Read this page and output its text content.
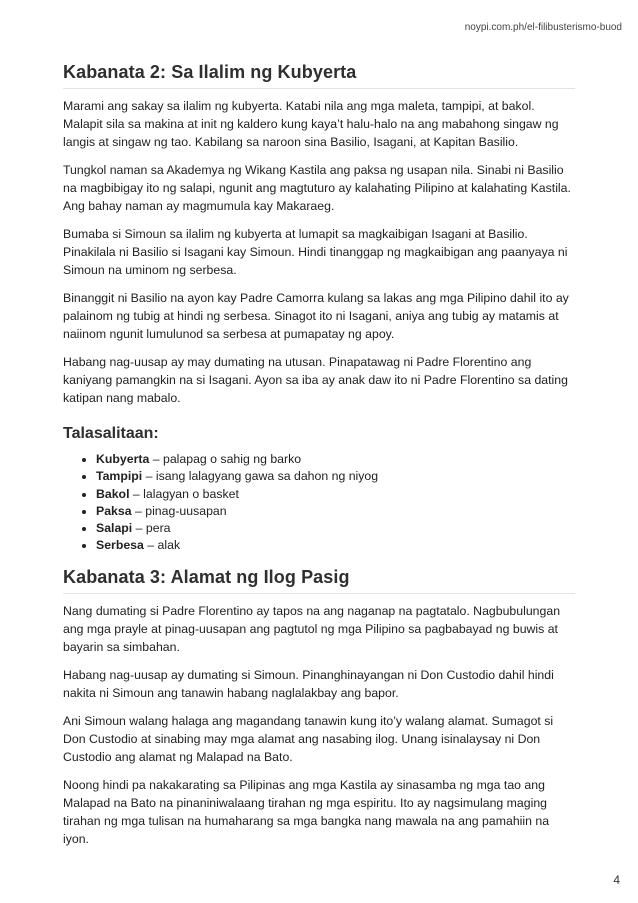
noypi.com.ph/el-filibusterismo-buod
Kabanata 2: Sa Ilalim ng Kubyerta

Marami ang sakay sa ilalim ng kubyerta. Katabi nila ang mga maleta, tampipi, at bakol. Malapit sila sa makina at init ng kaldero kung kaya’t halu-halo na ang mabahong singaw ng langis at singaw ng tao. Kabilang sa naroon sina Basilio, Isagani, at Kapitan Basilio.

Tungkol naman sa Akademya ng Wikang Kastila ang paksa ng usapan nila. Sinabi ni Basilio na magbibigay ito ng salapi, ngunit ang magtuturo ay kalahating Pilipino at kalahating Kastila. Ang bahay naman ay magmumula kay Makaraeg.

Bumaba si Simoun sa ilalim ng kubyerta at lumapit sa magkaibigan Isagani at Basilio. Pinakilala ni Basilio si Isagani kay Simoun. Hindi tinanggap ng magkaibigan ang paanyaya ni Simoun na uminom ng serbesa.

Binanggit ni Basilio na ayon kay Padre Camorra kulang sa lakas ang mga Pilipino dahil ito ay palainom ng tubig at hindi ng serbesa. Sinagot ito ni Isagani, aniya ang tubig ay matamis at naiinom ngunit lumulunod sa serbesa at pumapatay ng apoy.

Habang nag-uusap ay may dumating na utusan. Pinapatawag ni Padre Florentino ang kaniyang pamangkin na si Isagani. Ayon sa iba ay anak daw ito ni Padre Florentino sa dating katipan nang mabalo.

Talasalitaan:
• Kubyerta – palapag o sahig ng barko
• Tampipi – isang lalagyang gawa sa dahon ng niyog
• Bakol – lalagyan o basket
• Paksa – pinag-uusapan
• Salapi – pera
• Serbesa – alak
Kabanata 3: Alamat ng Ilog Pasig

Nang dumating si Padre Florentino ay tapos na ang naganap na pagtatalo. Nagbubulungan ang mga prayle at pinag-uusapan ang pagtutol ng mga Pilipino sa pagbabayad ng buwis at bayarin sa simbahan.

Habang nag-uusap ay dumating si Simoun. Pinanghinayangan ni Don Custodio dahil hindi nakita ni Simoun ang tanawin habang naglalakbay ang bapor.

Ani Simoun walang halaga ang magandang tanawin kung ito’y walang alamat. Sumagot si Don Custodio at sinabing may mga alamat ang nasabing ilog. Unang isinalaysay ni Don Custodio ang alamat ng Malapad na Bato.

Noong hindi pa nakakarating sa Pilipinas ang mga Kastila ay sinasamba ng mga tao ang Malapad na Bato na pinaniniwalaang tirahan ng mga espiritu. Ito ay nagsimulang maging tirahan ng mga tulisan na humaharang sa mga bangka nang mawala na ang pamahiin na iyon.

4
